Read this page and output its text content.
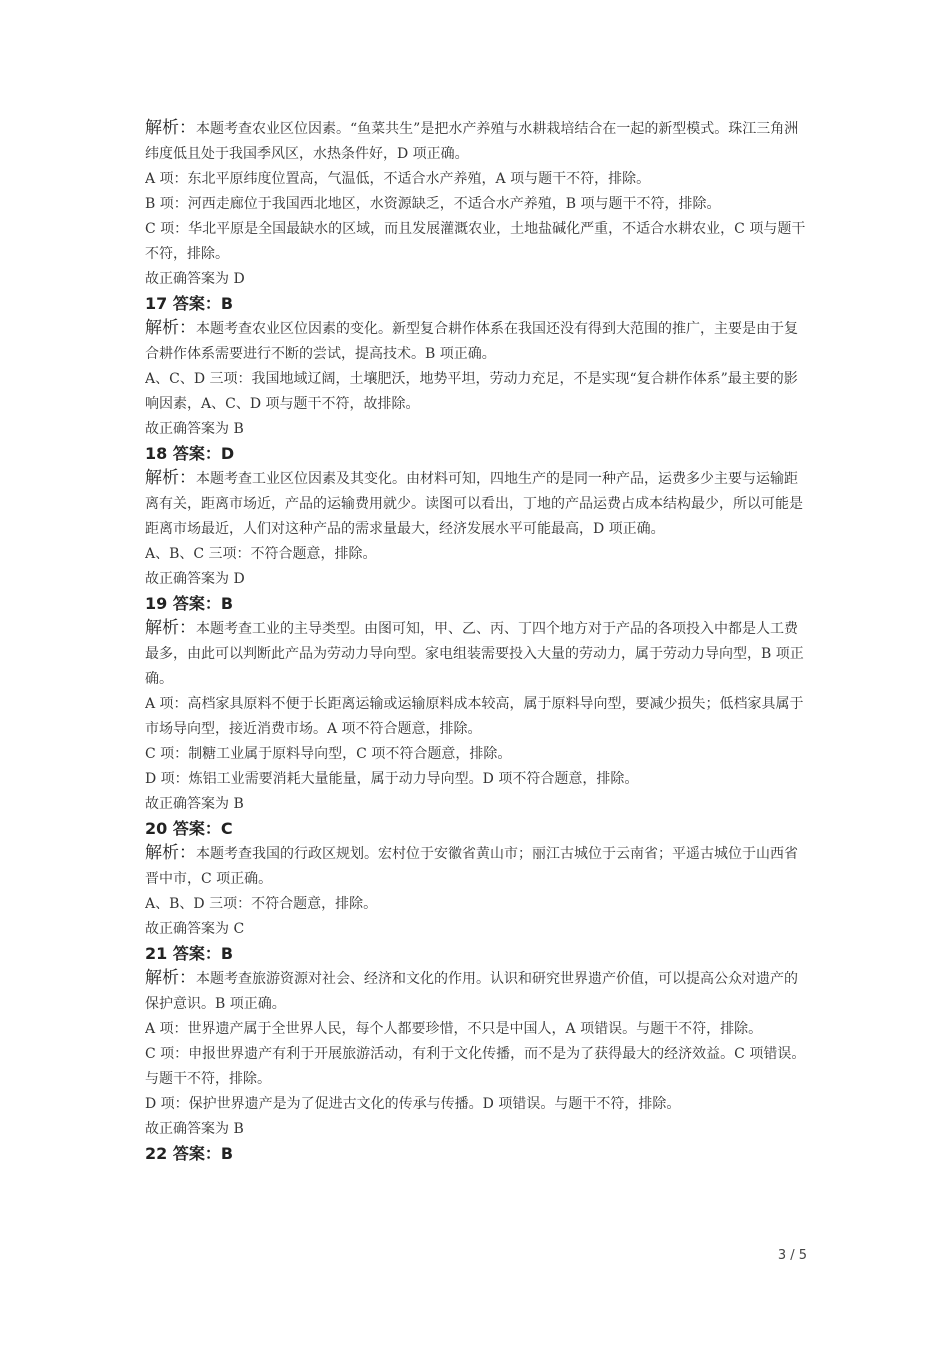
解析：本题考查农业区位因素。“鱼菜共生”是把水产养殖与水耕栽培结合在一起的新型模式。珠江三角洲纬度低且处于我国季风区，水热条件好，D 项正确。
A 项：东北平原纬度位置高，气温低，不适合水产养殖，A 项与题干不符，排除。
B 项：河西走廊位于我国西北地区，水资源缺乏，不适合水产养殖，B 项与题干不符，排除。
C 项：华北平原是全国最缺水的区域，而且发展灌溉农业，土地盐碱化严重，不适合水耕农业，C 项与题干不符，排除。
故正确答案为 D
17 答案：B
解析：本题考查农业区位因素的变化。新型复合耕作体系在我国还没有得到大范围的推广，主要是由于复合耕作体系需要进行不断的尝试，提高技术。B 项正确。
A、C、D 三项：我国地域辽阔，土壤肥沃，地势平坦，劳动力充足，不是实现“复合耕作体系”最主要的影响因素，A、C、D 项与题干不符，故排除。
故正确答案为 B
18 答案：D
解析：本题考查工业区位因素及其变化。由材料可知，四地生产的是同一种产品，运费多少主要与运输距离有关，距离市场近，产品的运输费用就少。读图可以看出，丁地的产品运费占成本结构最少，所以可能是距离市场最近，人们对这种产品的需求量最大，经济发展水平可能最高，D 项正确。
A、B、C 三项：不符合题意，排除。
故正确答案为 D
19 答案：B
解析：本题考查工业的主导类型。由图可知，甲、乙、丙、丁四个地方对于产品的各项投入中都是人工费最多，由此可以判断此产品为劳动力导向型。家电组装需要投入大量的劳动力，属于劳动力导向型，B 项正确。
A 项：高档家具原料不便于长距离运输或运输原料成本较高，属于原料导向型，要减少损失；低档家具属于市场导向型，接近消费市场。A 项不符合题意，排除。
C 项：制糖工业属于原料导向型，C 项不符合题意，排除。
D 项：炼铝工业需要消耗大量能量，属于动力导向型。D 项不符合题意，排除。
故正确答案为 B
20 答案：C
解析：本题考查我国的行政区规划。宏村位于安徽省黄山市；丽江古城位于云南省；平遥古城位于山西省晋中市，C 项正确。
A、B、D 三项：不符合题意，排除。
故正确答案为 C
21 答案：B
解析：本题考查旅游资源对社会、经济和文化的作用。认识和研究世界遗产价值，可以提高公众对遗产的保护意识。B 项正确。
A 项：世界遗产属于全世界人民，每个人都要珍惜，不只是中国人，A 项错误。与题干不符，排除。
C 项：申报世界遗产有利于开展旅游活动，有利于文化传播，而不是为了获得最大的经济效益。C 项错误。与题干不符，排除。
D 项：保护世界遗产是为了促进古文化的传承与传播。D 项错误。与题干不符，排除。
故正确答案为 B
22 答案：B
3 / 5
